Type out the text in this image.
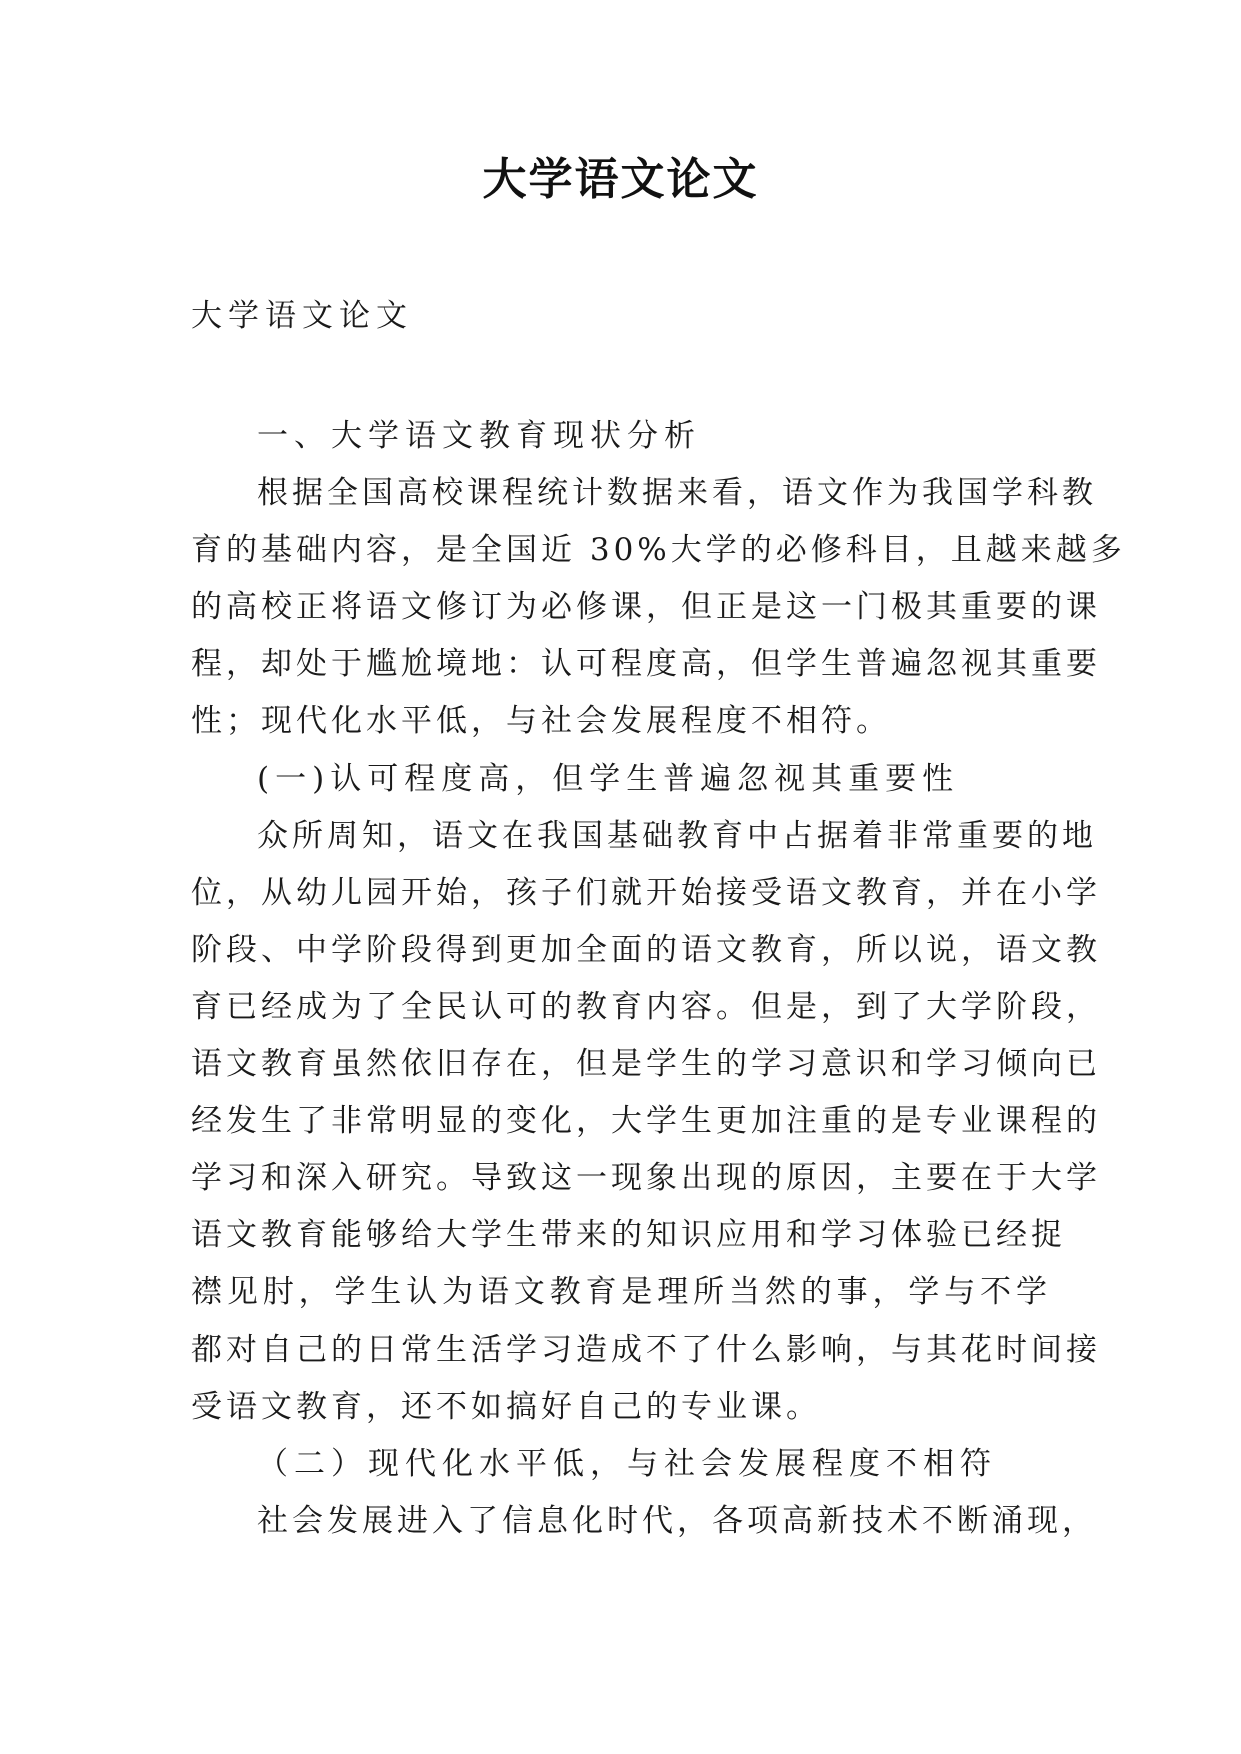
大学语文论文
大学语文论文
一、大学语文教育现状分析
根据全国高校课程统计数据来看，语文作为我国学科教
育的基础内容，是全国近 30%大学的必修科目，且越来越多
的高校正将语文修订为必修课，但正是这一门极其重要的课
程，却处于尴尬境地：认可程度高，但学生普遍忽视其重要
性；现代化水平低，与社会发展程度不相符。
(一)认可程度高，但学生普遍忽视其重要性
众所周知，语文在我国基础教育中占据着非常重要的地
位，从幼儿园开始，孩子们就开始接受语文教育，并在小学
阶段、中学阶段得到更加全面的语文教育，所以说，语文教
育已经成为了全民认可的教育内容。但是，到了大学阶段，
语文教育虽然依旧存在，但是学生的学习意识和学习倾向已
经发生了非常明显的变化，大学生更加注重的是专业课程的
学习和深入研究。导致这一现象出现的原因，主要在于大学
语文教育能够给大学生带来的知识应用和学习体验已经捉
襟见肘，学生认为语文教育是理所当然的事，学与不学
都对自己的日常生活学习造成不了什么影响，与其花时间接
受语文教育，还不如搞好自己的专业课。
（二）现代化水平低，与社会发展程度不相符
社会发展进入了信息化时代，各项高新技术不断涌现，
